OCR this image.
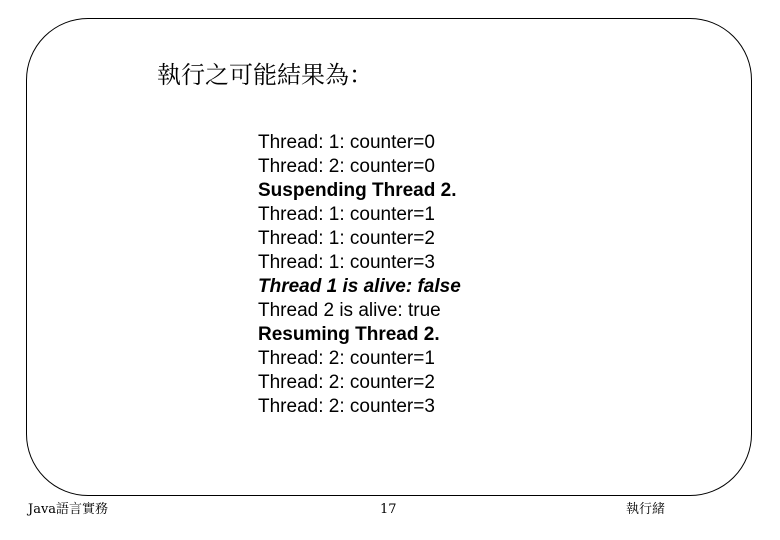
執行之可能結果為：
Thread: 1: counter=0
Thread: 2: counter=0
Suspending Thread 2.
Thread: 1: counter=1
Thread: 1: counter=2
Thread: 1: counter=3
Thread 1 is alive: false
Thread 2 is alive: true
Resuming Thread 2.
Thread: 2: counter=1
Thread: 2: counter=2
Thread: 2: counter=3
Java語言實務	17	執行緒
